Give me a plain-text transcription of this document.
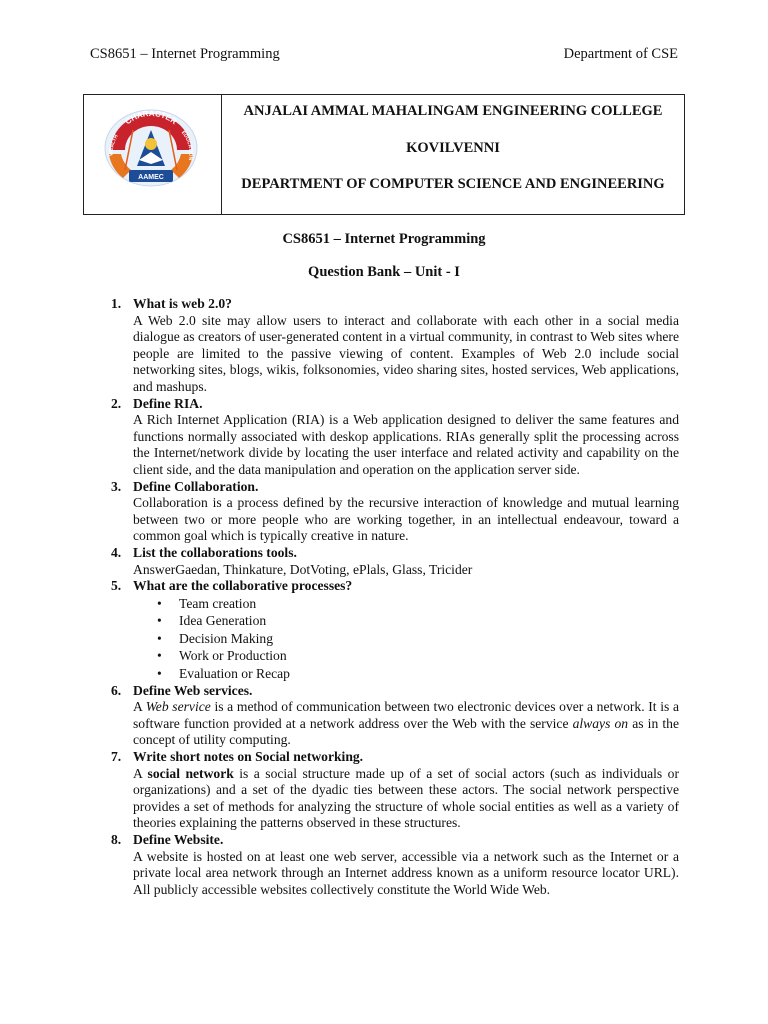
CS8651 – Internet Programming	Department of CSE
CHARACTER
WEALTH
EDUCATION
AAMEC
ANJALAI AMMAL MAHALINGAM ENGINEERING COLLEGE
KOVILVENNI
DEPARTMENT OF COMPUTER SCIENCE AND ENGINEERING
CS8651 – Internet Programming
Question Bank – Unit - I
1. What is web 2.0?
A Web 2.0 site may allow users to interact and collaborate with each other in a social media dialogue as creators of user-generated content in a virtual community, in contrast to Web sites where people are limited to the passive viewing of content. Examples of Web 2.0 include social networking sites, blogs, wikis, folksonomies, video sharing sites, hosted services, Web applications, and mashups.
2. Define RIA.
A Rich Internet Application (RIA) is a Web application designed to deliver the same features and functions normally associated with deskop applications. RIAs generally split the processing across the Internet/network divide by locating the user interface and related activity and capability on the client side, and the data manipulation and operation on the application server side.
3. Define Collaboration.
Collaboration is a process defined by the recursive interaction of knowledge and mutual learning between two or more people who are working together, in an intellectual endeavour, toward a common goal which is typically creative in nature.
4. List the collaborations tools.
AnswerGaedan, Thinkature, DotVoting, ePlals, Glass, Tricider
5. What are the collaborative processes?
• Team creation
• Idea Generation
• Decision Making
• Work or Production
• Evaluation or Recap
6. Define Web services.
A Web service is a method of communication between two electronic devices over a network. It is a software function provided at a network address over the Web with the service always on as in the concept of utility computing.
7. Write short notes on Social networking.
A social network is a social structure made up of a set of social actors (such as individuals or organizations) and a set of the dyadic ties between these actors. The social network perspective provides a set of methods for analyzing the structure of whole social entities as well as a variety of theories explaining the patterns observed in these structures.
8. Define Website.
A website is hosted on at least one web server, accessible via a network such as the Internet or a private local area network through an Internet address known as a uniform resource locator URL). All publicly accessible websites collectively constitute the World Wide Web.
